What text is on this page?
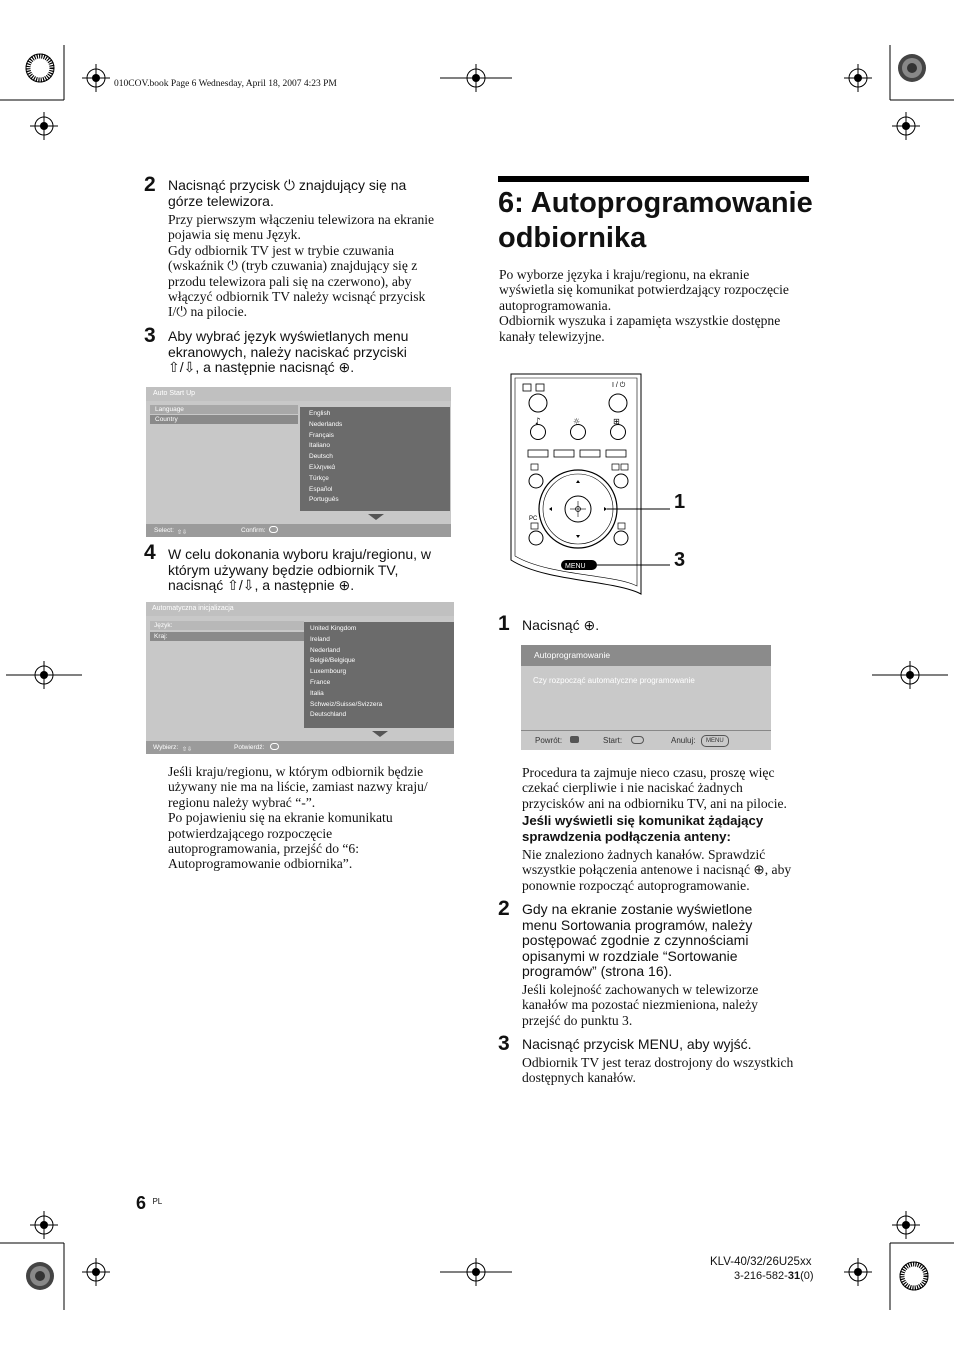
010COV.book Page 6 Wednesday, April 18, 2007 4:23 PM
2 Nacisnąć przycisk ⏻ znajdujący się na
górze telewizora.
Przy pierwszym włączeniu telewizora na ekranie
pojawia się menu Język.
Gdy odbiornik TV jest w trybie czuwania
(wskaźnik ⏻ (tryb czuwania) znajdujący się z
przodu telewizora pali się na czerwono), aby
włączyć odbiornik TV należy wcisnąć przycisk
I/⏻ na pilocie.
3 Aby wybrać język wyświetlanych menu
ekranowych, należy naciskać przyciski
⇧/⇩, a następnie nacisnąć ⊕.
Auto Start Up
Language
Country
English
Nederlands
Français
Italiano
Deutsch
Ελληνικά
Türkçe
Español
Português
Select: ⇧⇩	Confirm:
4 W celu dokonania wyboru kraju/regionu, w
którym używany będzie odbiornik TV,
nacisnąć ⇧/⇩, a następnie ⊕.
Automatyczna inicjalizacja
Język:
Kraj:
United Kingdom
Ireland
Nederland
België/Belgique
Luxembourg
France
Italia
Schweiz/Suisse/Svizzera
Deutschland
Wybierz: ⇧⇩	Potwierdź:
Jeśli kraju/regionu, w którym odbiornik będzie
używany nie ma na liście, zamiast nazwy kraju/
regionu należy wybrać “-”.
Po pojawieniu się na ekranie komunikatu
potwierdzającego rozpoczęcie
autoprogramowania, przejść do “6:
Autoprogramowanie odbiornika”.
6: Autoprogramowanie
odbiornika
Po wyborze języka i kraju/regionu, na ekranie
wyświetla się komunikat potwierdzający rozpoczęcie
autoprogramowania.
Odbiornik wyszuka i zapamięta wszystkie dostępne
kanały telewizyjne.
♪	☼	⊞
PC
MENU
1
3
I / ⏻
1 Nacisnąć ⊕.
Autoprogramowanie
Czy rozpocząć automatyczne programowanie
Powrót:	Start:	Anuluj:	MENU
Procedura ta zajmuje nieco czasu, proszę więc
czekać cierpliwie i nie naciskać żadnych
przycisków ani na odbiorniku TV, ani na pilocie.
Jeśli wyświetli się komunikat żądający
sprawdzenia podłączenia anteny:
Nie znaleziono żadnych kanałów. Sprawdzić
wszystkie połączenia antenowe i nacisnąć ⊕, aby
ponownie rozpocząć autoprogramowanie.
2 Gdy na ekranie zostanie wyświetlone
menu Sortowania programów, należy
postępować zgodnie z czynnościami
opisanymi w rozdziale “Sortowanie
programów” (strona 16).
Jeśli kolejność zachowanych w telewizorze
kanałów ma pozostać niezmieniona, należy
przejść do punktu 3.
3 Nacisnąć przycisk MENU, aby wyjść.
Odbiornik TV jest teraz dostrojony do wszystkich
dostępnych kanałów.
6 $^{PL}$
KLV-40/32/26U25xx
3-216-582-31(0)
